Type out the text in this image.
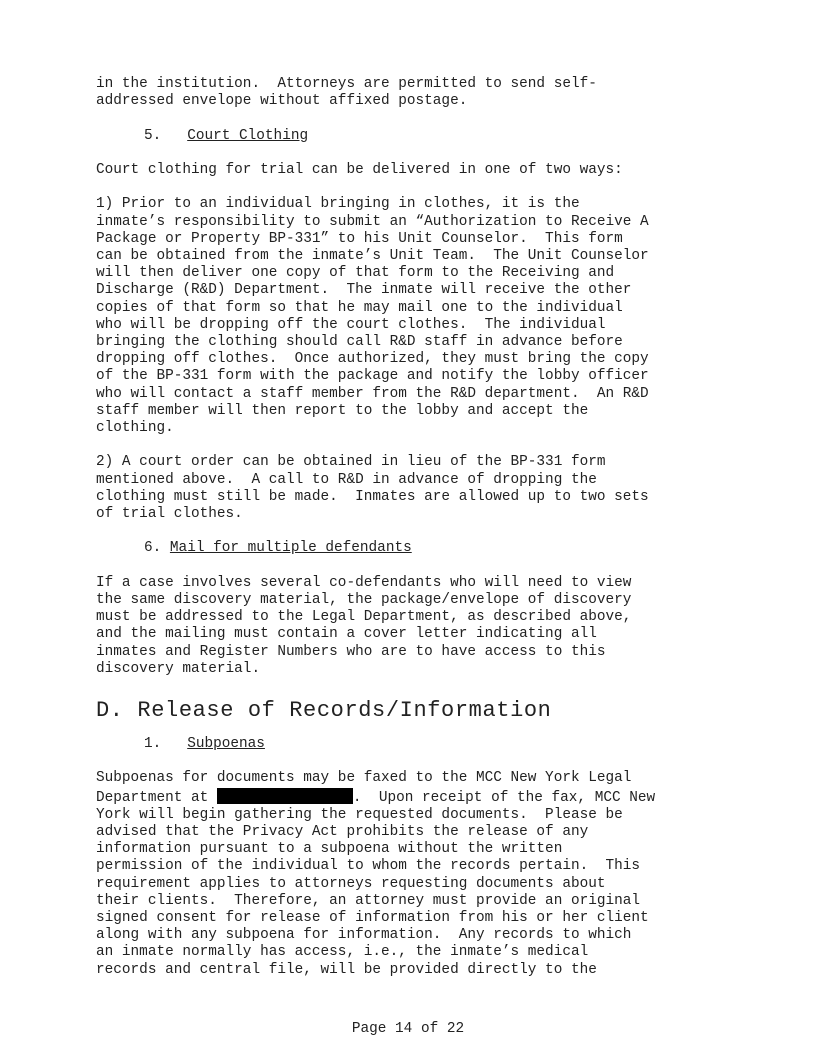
in the institution.  Attorneys are permitted to send self-
addressed envelope without affixed postage.
5. Court Clothing
Court clothing for trial can be delivered in one of two ways:
1) Prior to an individual bringing in clothes, it is the
inmate’s responsibility to submit an “Authorization to Receive A
Package or Property BP-331” to his Unit Counselor.  This form
can be obtained from the inmate’s Unit Team.  The Unit Counselor
will then deliver one copy of that form to the Receiving and
Discharge (R&D) Department.  The inmate will receive the other
copies of that form so that he may mail one to the individual
who will be dropping off the court clothes.  The individual
bringing the clothing should call R&D staff in advance before
dropping off clothes.  Once authorized, they must bring the copy
of the BP-331 form with the package and notify the lobby officer
who will contact a staff member from the R&D department.  An R&D
staff member will then report to the lobby and accept the
clothing.
2) A court order can be obtained in lieu of the BP-331 form
mentioned above.  A call to R&D in advance of dropping the
clothing must still be made.  Inmates are allowed up to two sets
of trial clothes.
6. Mail for multiple defendants
If a case involves several co-defendants who will need to view
the same discovery material, the package/envelope of discovery
must be addressed to the Legal Department, as described above,
and the mailing must contain a cover letter indicating all
inmates and Register Numbers who are to have access to this
discovery material.
D. Release of Records/Information
1. Subpoenas
Subpoenas for documents may be faxed to the MCC New York Legal
Department at	.  Upon receipt of the fax, MCC New
York will begin gathering the requested documents.  Please be
advised that the Privacy Act prohibits the release of any
information pursuant to a subpoena without the written
permission of the individual to whom the records pertain.  This
requirement applies to attorneys requesting documents about
their clients.  Therefore, an attorney must provide an original
signed consent for release of information from his or her client
along with any subpoena for information.  Any records to which
an inmate normally has access, i.e., the inmate’s medical
records and central file, will be provided directly to the
Page 14 of 22
